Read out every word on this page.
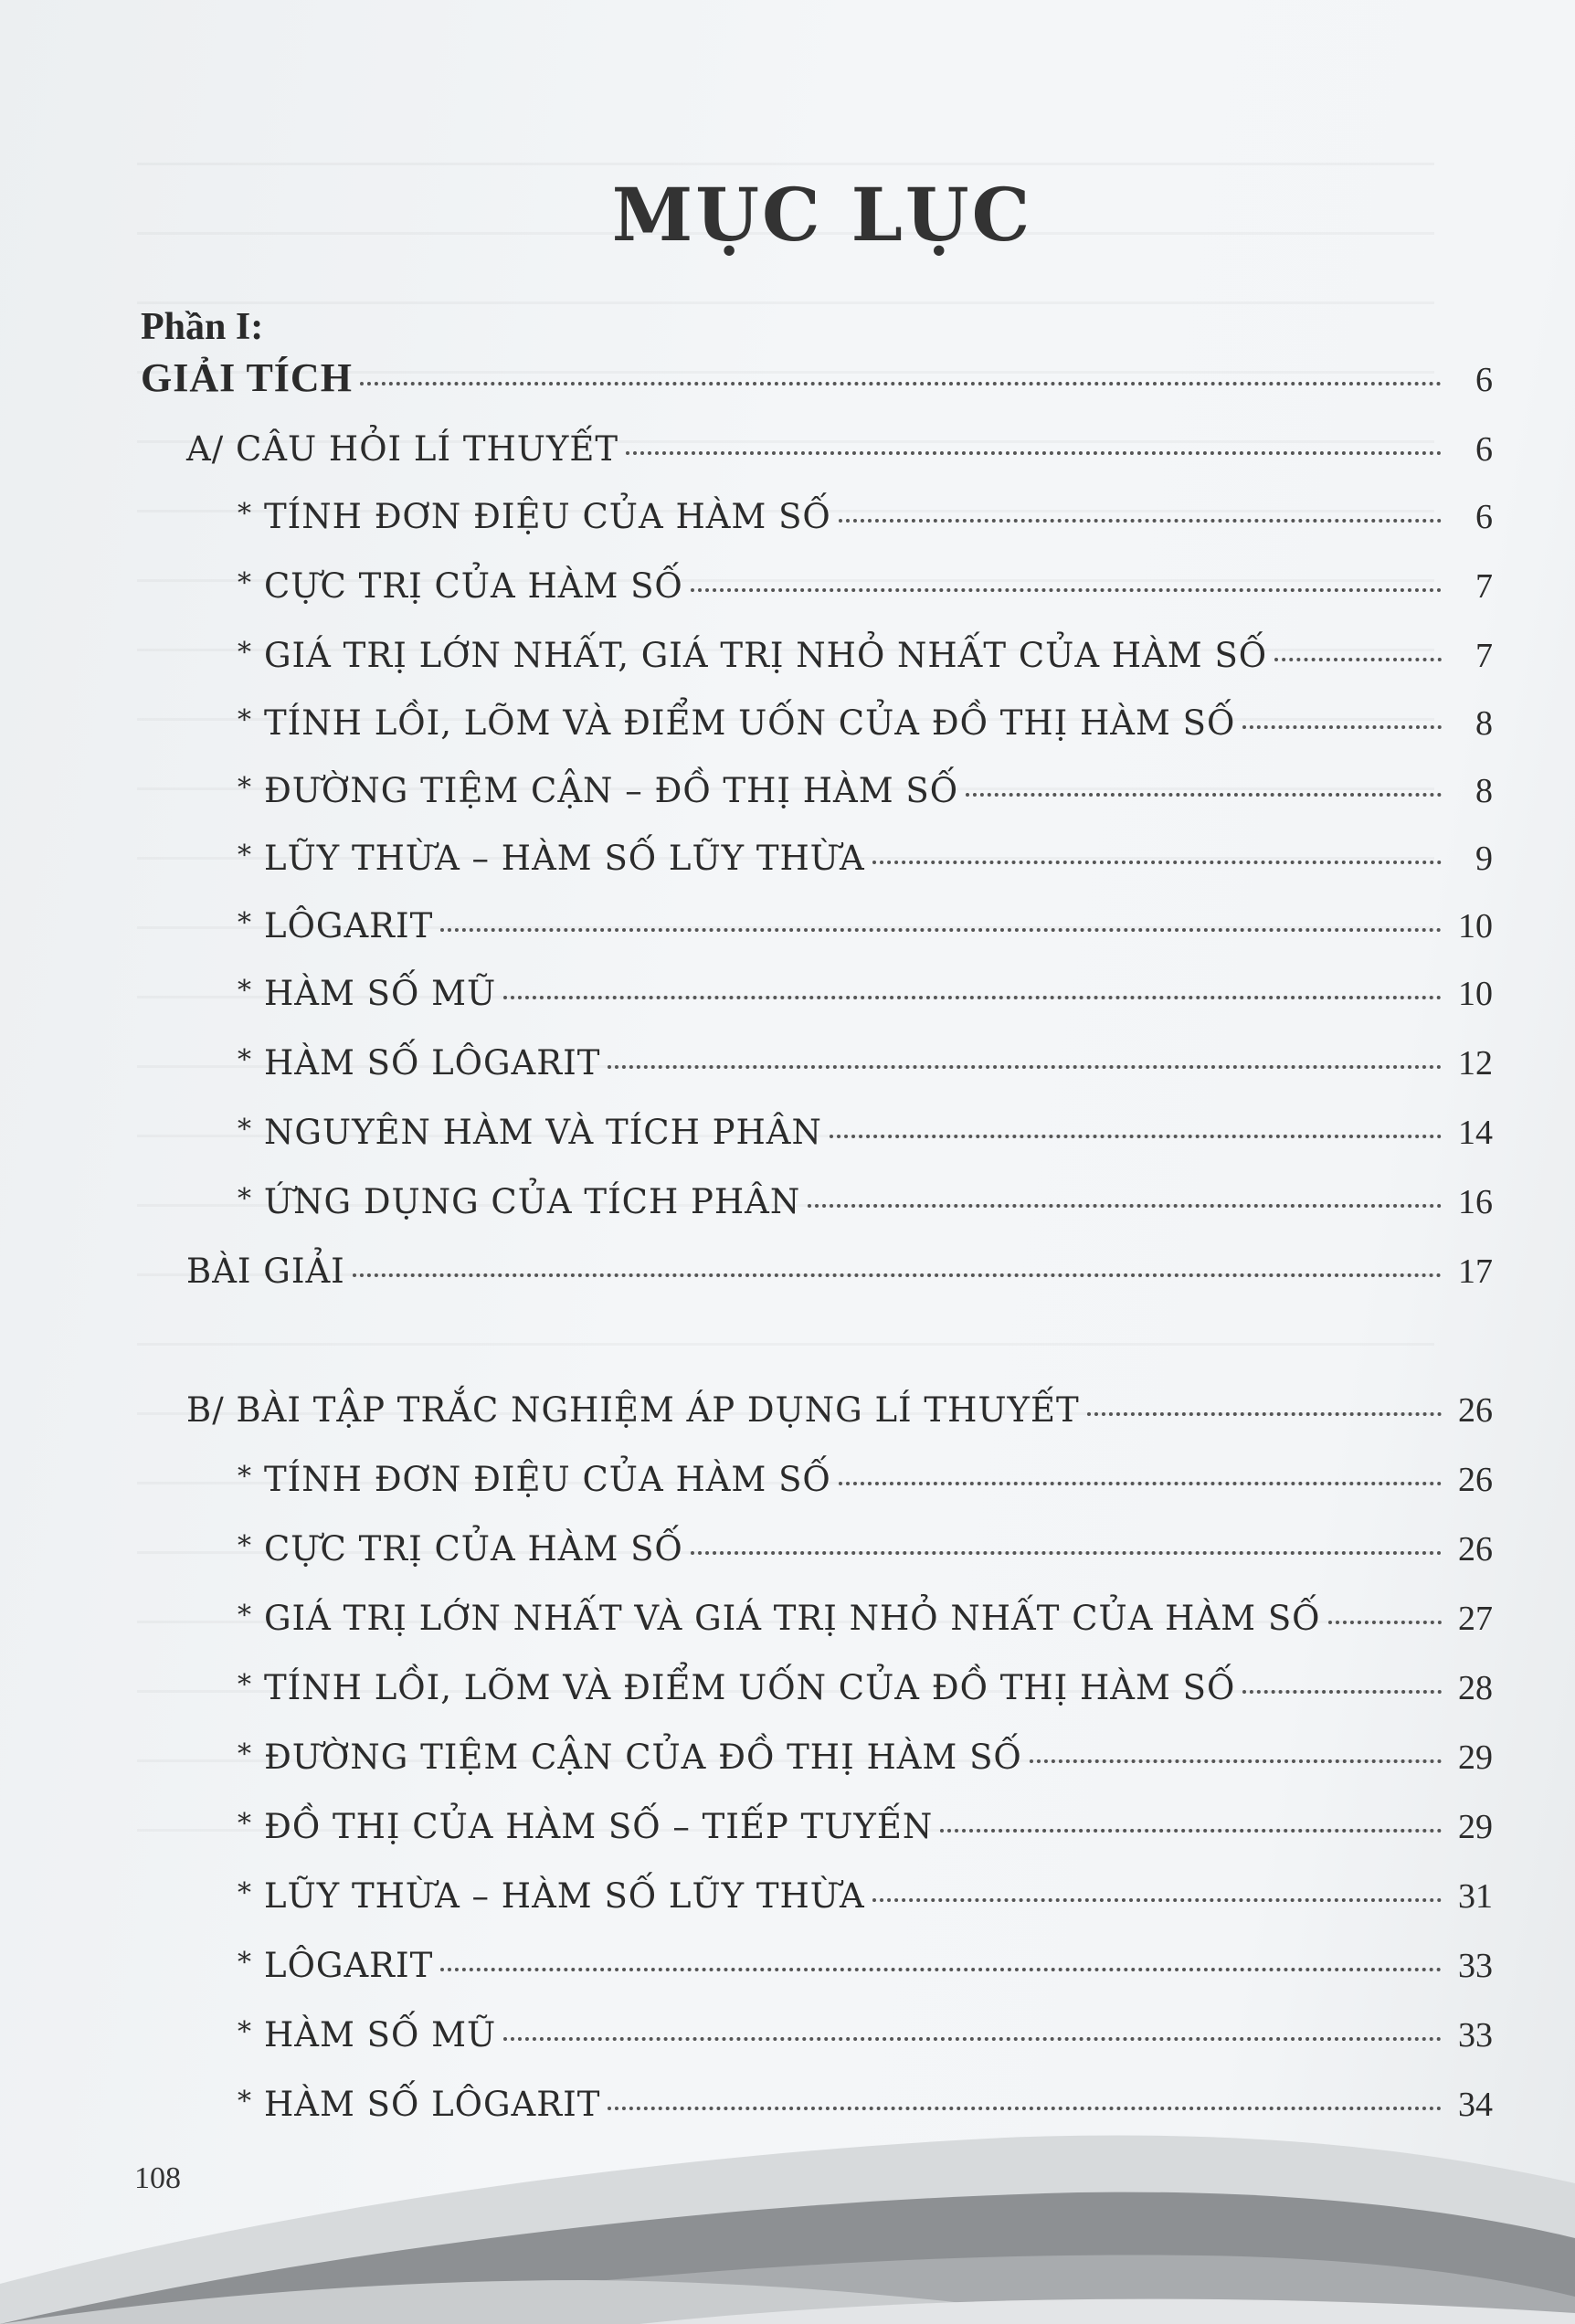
MỤC LỤC
Phần I:
GIẢI TÍCH	6
A/ CÂU HỎI LÍ THUYẾT	6
* TÍNH ĐƠN ĐIỆU CỦA HÀM SỐ	6
* CỰC TRỊ CỦA HÀM SỐ	7
* GIÁ TRỊ LỚN NHẤT, GIÁ TRỊ NHỎ NHẤT CỦA HÀM SỐ	7
* TÍNH LỒI, LÕM VÀ ĐIỂM UỐN CỦA ĐỒ THỊ HÀM SỐ	8
* ĐƯỜNG TIỆM CẬN – ĐỒ THỊ HÀM SỐ	8
* LŨY THỪA – HÀM SỐ LŨY THỪA	9
* LÔGARIT	10
* HÀM SỐ MŨ	10
* HÀM SỐ LÔGARIT	12
* NGUYÊN HÀM VÀ TÍCH PHÂN	14
* ỨNG DỤNG CỦA TÍCH PHÂN	16
BÀI GIẢI	17
B/ BÀI TẬP TRẮC NGHIỆM ÁP DỤNG LÍ THUYẾT	26
* TÍNH ĐƠN ĐIỆU CỦA HÀM SỐ	26
* CỰC TRỊ CỦA HÀM SỐ	26
* GIÁ TRỊ LỚN NHẤT VÀ GIÁ TRỊ NHỎ NHẤT CỦA HÀM SỐ	27
* TÍNH LỒI, LÕM VÀ ĐIỂM UỐN CỦA ĐỒ THỊ HÀM SỐ	28
* ĐƯỜNG TIỆM CẬN CỦA ĐỒ THỊ HÀM SỐ	29
* ĐỒ THỊ CỦA HÀM SỐ – TIẾP TUYẾN	29
* LŨY THỪA – HÀM SỐ LŨY THỪA	31
* LÔGARIT	33
* HÀM SỐ MŨ	33
* HÀM SỐ LÔGARIT	34
108
